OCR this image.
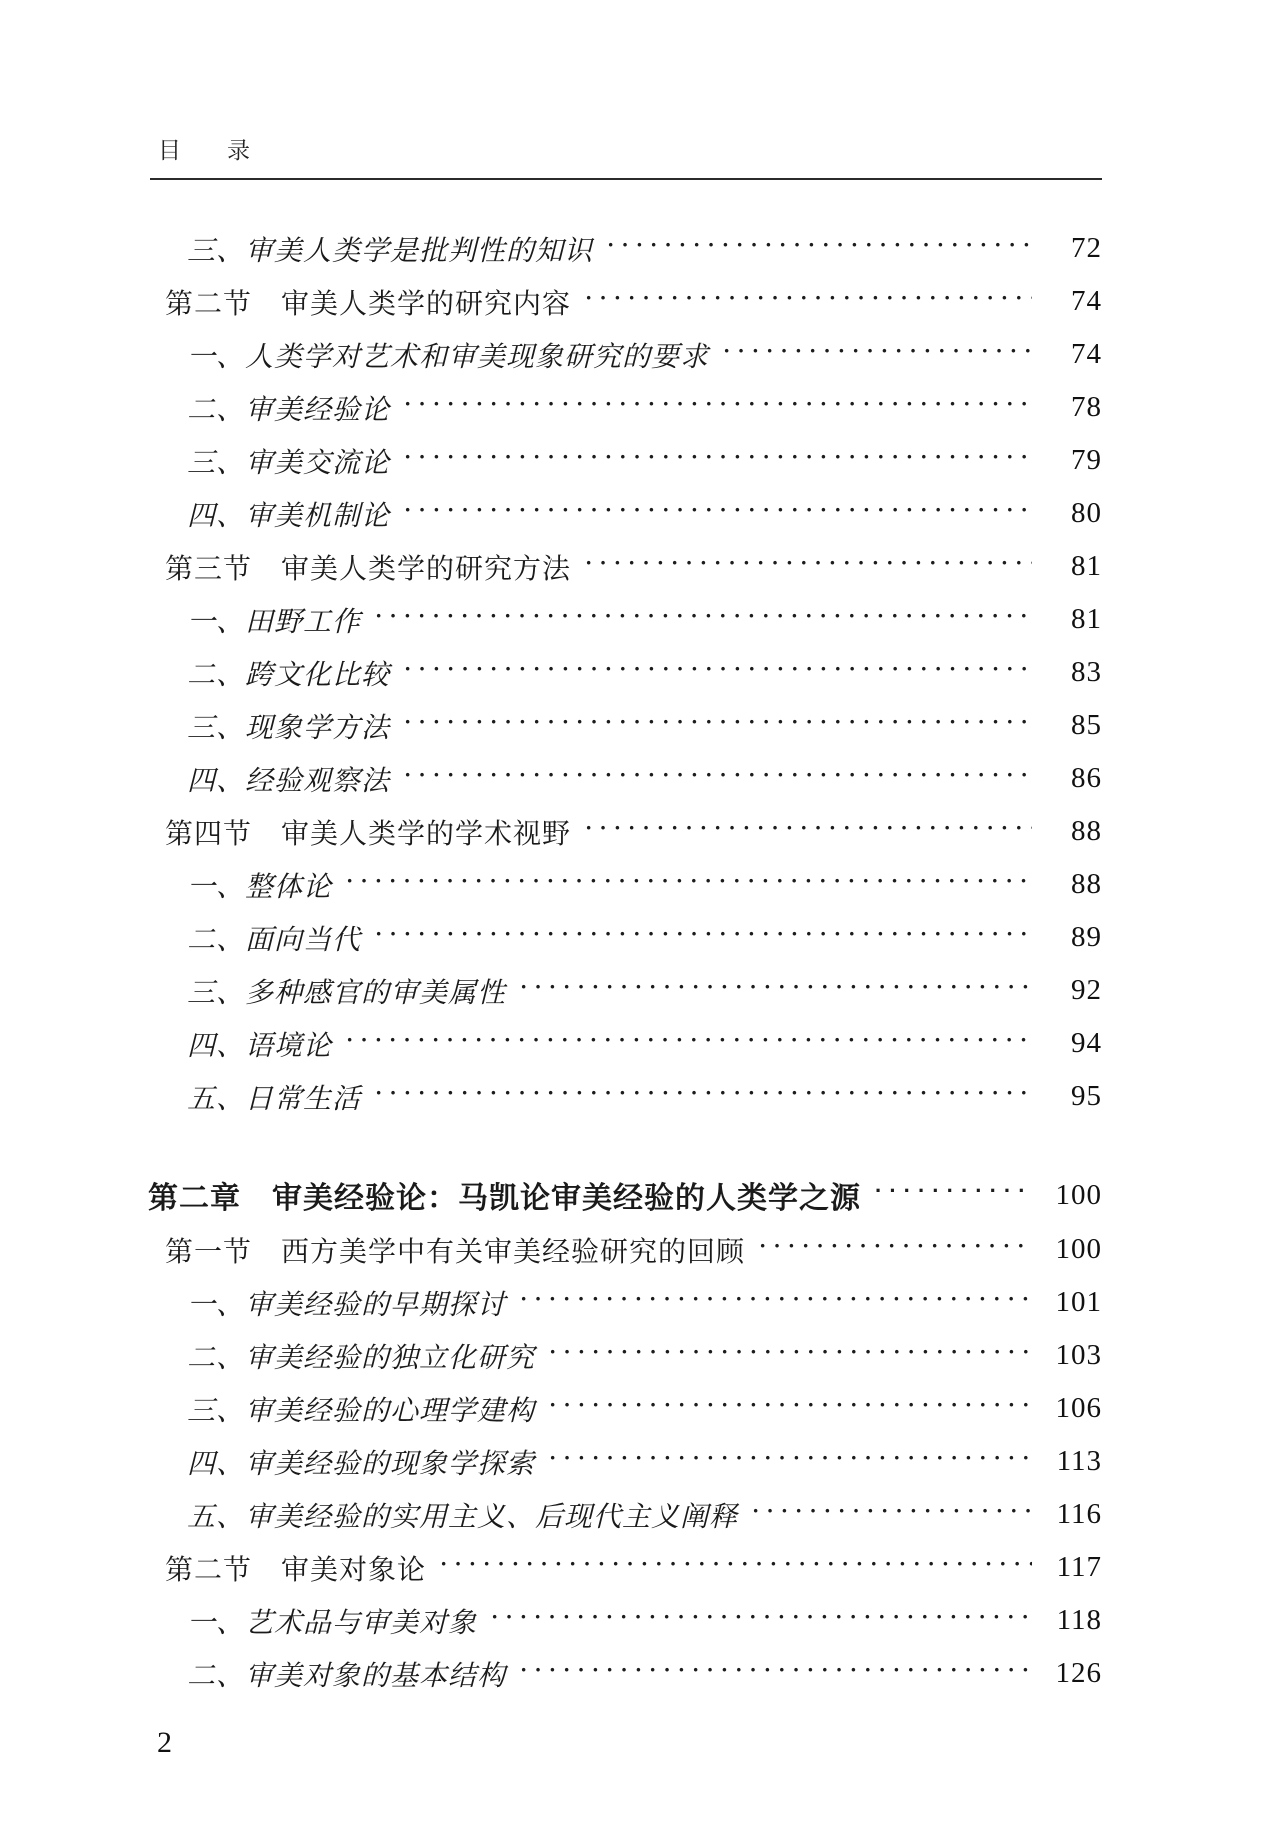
目录
三、审美人类学是批判性的知识 ·····	72
第二节　审美人类学的研究内容 ·····	74
一、人类学对艺术和审美现象研究的要求 ·····	74
二、审美经验论 ·····	78
三、审美交流论 ·····	79
四、审美机制论 ·····	80
第三节　审美人类学的研究方法 ·····	81
一、田野工作 ·····	81
二、跨文化比较 ·····	83
三、现象学方法 ·····	85
四、经验观察法 ·····	86
第四节　审美人类学的学术视野 ·····	88
一、整体论 ·····	88
二、面向当代 ·····	89
三、多种感官的审美属性 ·····	92
四、语境论 ·····	94
五、日常生活 ·····	95
第二章　审美经验论：马凯论审美经验的人类学之源 ·····	100
第一节　西方美学中有关审美经验研究的回顾 ·····	100
一、审美经验的早期探讨 ·····	101
二、审美经验的独立化研究 ·····	103
三、审美经验的心理学建构 ·····	106
四、审美经验的现象学探索 ·····	113
五、审美经验的实用主义、后现代主义阐释 ·····	116
第二节　审美对象论 ·····	117
一、艺术品与审美对象 ·····	118
二、审美对象的基本结构 ·····	126
2
